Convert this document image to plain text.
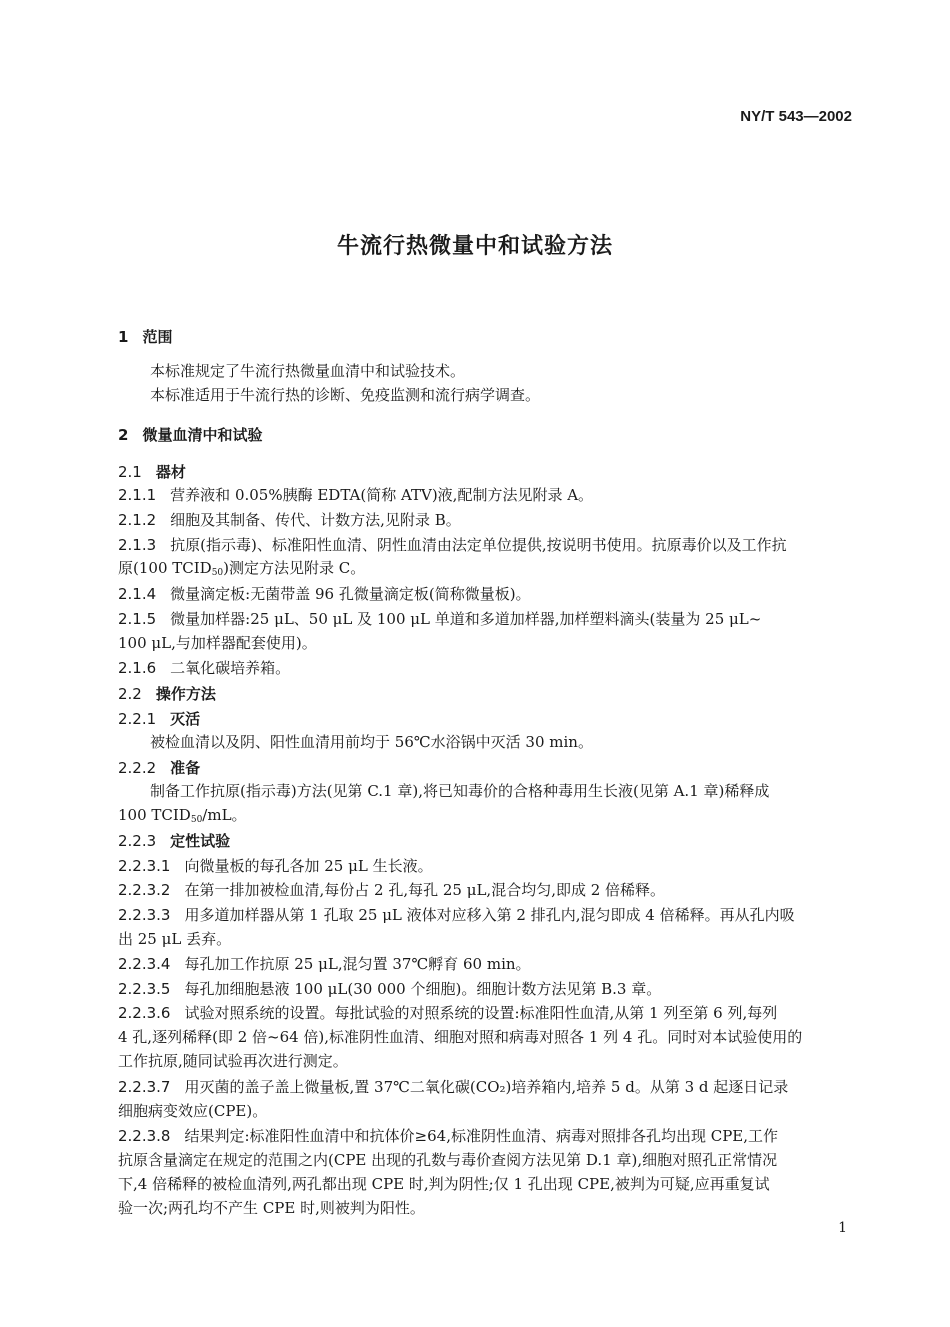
NY/T 543—2002
牛流行热微量中和试验方法
1 范围
本标准规定了牛流行热微量血清中和试验技术。
本标准适用于牛流行热的诊断、免疫监测和流行病学调查。
2 微量血清中和试验
2.1 器材
2.1.1 营养液和 0.05%胰酶 EDTA(简称 ATV)液,配制方法见附录 A。
2.1.2 细胞及其制备、传代、计数方法,见附录 B。
2.1.3 抗原(指示毒)、标准阳性血清、阴性血清由法定单位提供,按说明书使用。抗原毒价以及工作抗
原(100 $TCID_{50}$)测定方法见附录 C。
2.1.4 微量滴定板:无菌带盖 96 孔微量滴定板(简称微量板)。
2.1.5 微量加样器:25 μL、50 μL 及 100 μL 单道和多道加样器,加样塑料滴头(装量为 25 μL~
100 μL,与加样器配套使用)。
2.1.6 二氧化碳培养箱。
2.2 操作方法
2.2.1 灭活
被检血清以及阴、阳性血清用前均于 56℃水浴锅中灭活 30 min。
2.2.2 准备
制备工作抗原(指示毒)方法(见第 C.1 章),将已知毒价的合格种毒用生长液(见第 A.1 章)稀释成
100 $TCID_{50}/mL$。
2.2.3 定性试验
2.2.3.1 向微量板的每孔各加 25 μL 生长液。
2.2.3.2 在第一排加被检血清,每份占 2 孔,每孔 25 μL,混合均匀,即成 2 倍稀释。
2.2.3.3 用多道加样器从第 1 孔取 25 μL 液体对应移入第 2 排孔内,混匀即成 4 倍稀释。再从孔内吸
出 25 μL 丢弃。
2.2.3.4 每孔加工作抗原 25 μL,混匀置 37℃孵育 60 min。
2.2.3.5 每孔加细胞悬液 100 μL(30 000 个细胞)。细胞计数方法见第 B.3 章。
2.2.3.6 试验对照系统的设置。每批试验的对照系统的设置:标准阳性血清,从第 1 列至第 6 列,每列
4 孔,逐列稀释(即 2 倍~64 倍),标准阴性血清、细胞对照和病毒对照各 1 列 4 孔。同时对本试验使用的
工作抗原,随同试验再次进行测定。
2.2.3.7 用灭菌的盖子盖上微量板,置 37℃二氧化碳(CO₂)培养箱内,培养 5 d。从第 3 d 起逐日记录
细胞病变效应(CPE)。
2.2.3.8 结果判定:标准阳性血清中和抗体价≥64,标准阴性血清、病毒对照排各孔均出现 CPE,工作
抗原含量滴定在规定的范围之内(CPE 出现的孔数与毒价查阅方法见第 D.1 章),细胞对照孔正常情况
下,4 倍稀释的被检血清列,两孔都出现 CPE 时,判为阴性;仅 1 孔出现 CPE,被判为可疑,应再重复试
验一次;两孔均不产生 CPE 时,则被判为阳性。
1
